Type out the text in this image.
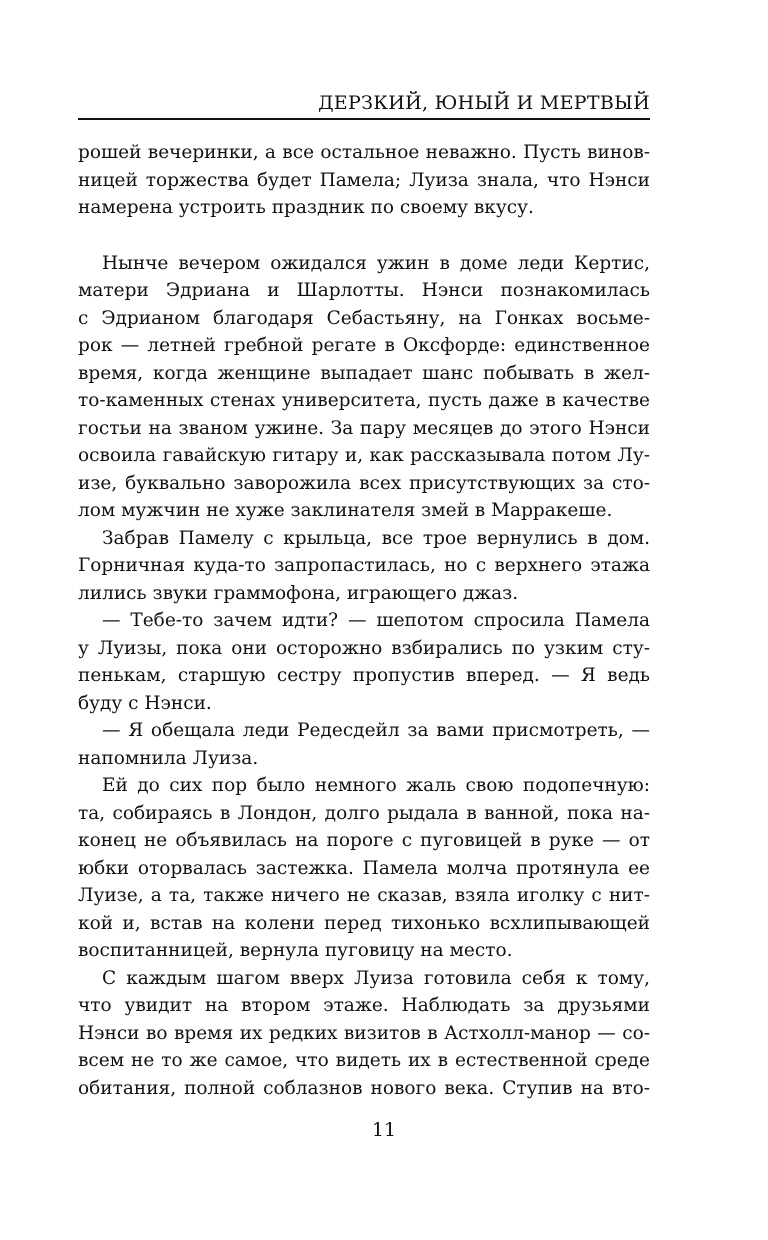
ДЕРЗКИЙ, ЮНЫЙ И МЕРТВЫЙ
рошей вечеринки, а все остальное неважно. Пусть винов-
ницей торжества будет Памела; Луиза знала, что Нэнси
намерена устроить праздник по своему вкусу.
Нынче вечером ожидался ужин в доме леди Кертис,
матери Эдриана и Шарлотты. Нэнси познакомилась
с Эдрианом благодаря Себастьяну, на Гонках восьме-
рок — летней гребной регате в Оксфорде: единственное
время, когда женщине выпадает шанс побывать в жел-
то-каменных стенах университета, пусть даже в качестве
гостьи на званом ужине. За пару месяцев до этого Нэнси
освоила гавайскую гитару и, как рассказывала потом Лу-
изе, буквально заворожила всех присутствующих за сто-
лом мужчин не хуже заклинателя змей в Марракеше.
Забрав Памелу с крыльца, все трое вернулись в дом.
Горничная куда-то запропастилась, но с верхнего этажа
лились звуки граммофона, играющего джаз.
— Тебе-то зачем идти? — шепотом спросила Памела
у Луизы, пока они осторожно взбирались по узким сту-
пенькам, старшую сестру пропустив вперед. — Я ведь
буду с Нэнси.
— Я обещала леди Редесдейл за вами присмотреть, —
напомнила Луиза.
Ей до сих пор было немного жаль свою подопечную:
та, собираясь в Лондон, долго рыдала в ванной, пока на-
конец не объявилась на пороге с пуговицей в руке — от
юбки оторвалась застежка. Памела молча протянула ее
Луизе, а та, также ничего не сказав, взяла иголку с нит-
кой и, встав на колени перед тихонько всхлипывающей
воспитанницей, вернула пуговицу на место.
С каждым шагом вверх Луиза готовила себя к тому,
что увидит на втором этаже. Наблюдать за друзьями
Нэнси во время их редких визитов в Астхолл-манор — со-
всем не то же самое, что видеть их в естественной среде
обитания, полной соблазнов нового века. Ступив на вто-
11
